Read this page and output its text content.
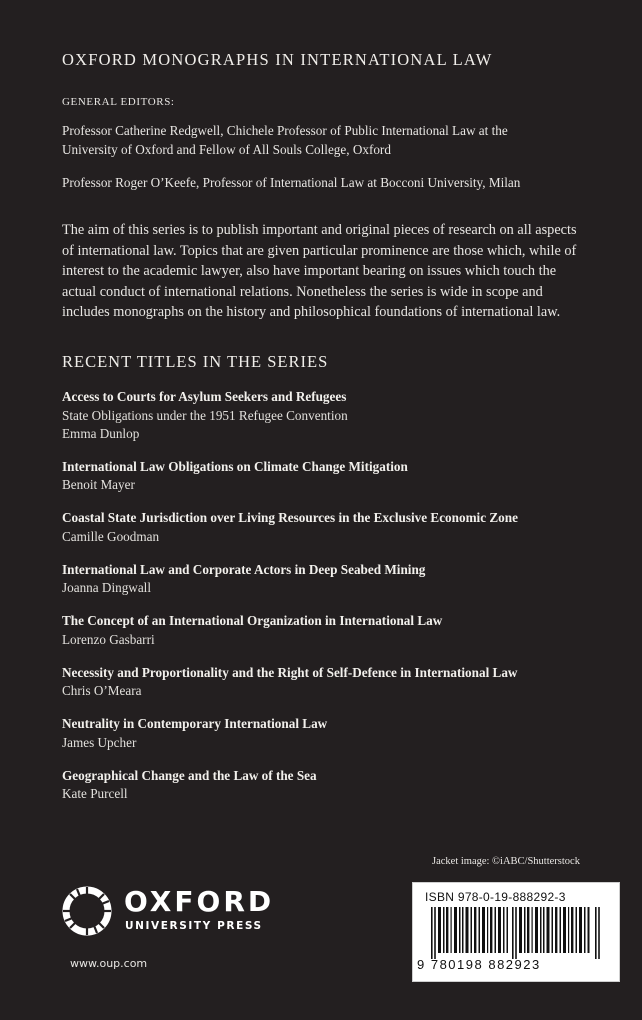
OXFORD MONOGRAPHS IN INTERNATIONAL LAW
GENERAL EDITORS:
Professor Catherine Redgwell, Chichele Professor of Public International Law at the University of Oxford and Fellow of All Souls College, Oxford
Professor Roger O’Keefe, Professor of International Law at Bocconi University, Milan
The aim of this series is to publish important and original pieces of research on all aspects of international law. Topics that are given particular prominence are those which, while of interest to the academic lawyer, also have important bearing on issues which touch the actual conduct of international relations. Nonetheless the series is wide in scope and includes monographs on the history and philosophical foundations of international law.
RECENT TITLES IN THE SERIES
Access to Courts for Asylum Seekers and Refugees
State Obligations under the 1951 Refugee Convention
Emma Dunlop
International Law Obligations on Climate Change Mitigation
Benoit Mayer
Coastal State Jurisdiction over Living Resources in the Exclusive Economic Zone
Camille Goodman
International Law and Corporate Actors in Deep Seabed Mining
Joanna Dingwall
The Concept of an International Organization in International Law
Lorenzo Gasbarri
Necessity and Proportionality and the Right of Self-Defence in International Law
Chris O’Meara
Neutrality in Contemporary International Law
James Upcher
Geographical Change and the Law of the Sea
Kate Purcell
Jacket image: ©iABC/Shutterstock
OXFORD
UNIVERSITY PRESS
www.oup.com
ISBN 978-0-19-888292-3
9 780198 882923
